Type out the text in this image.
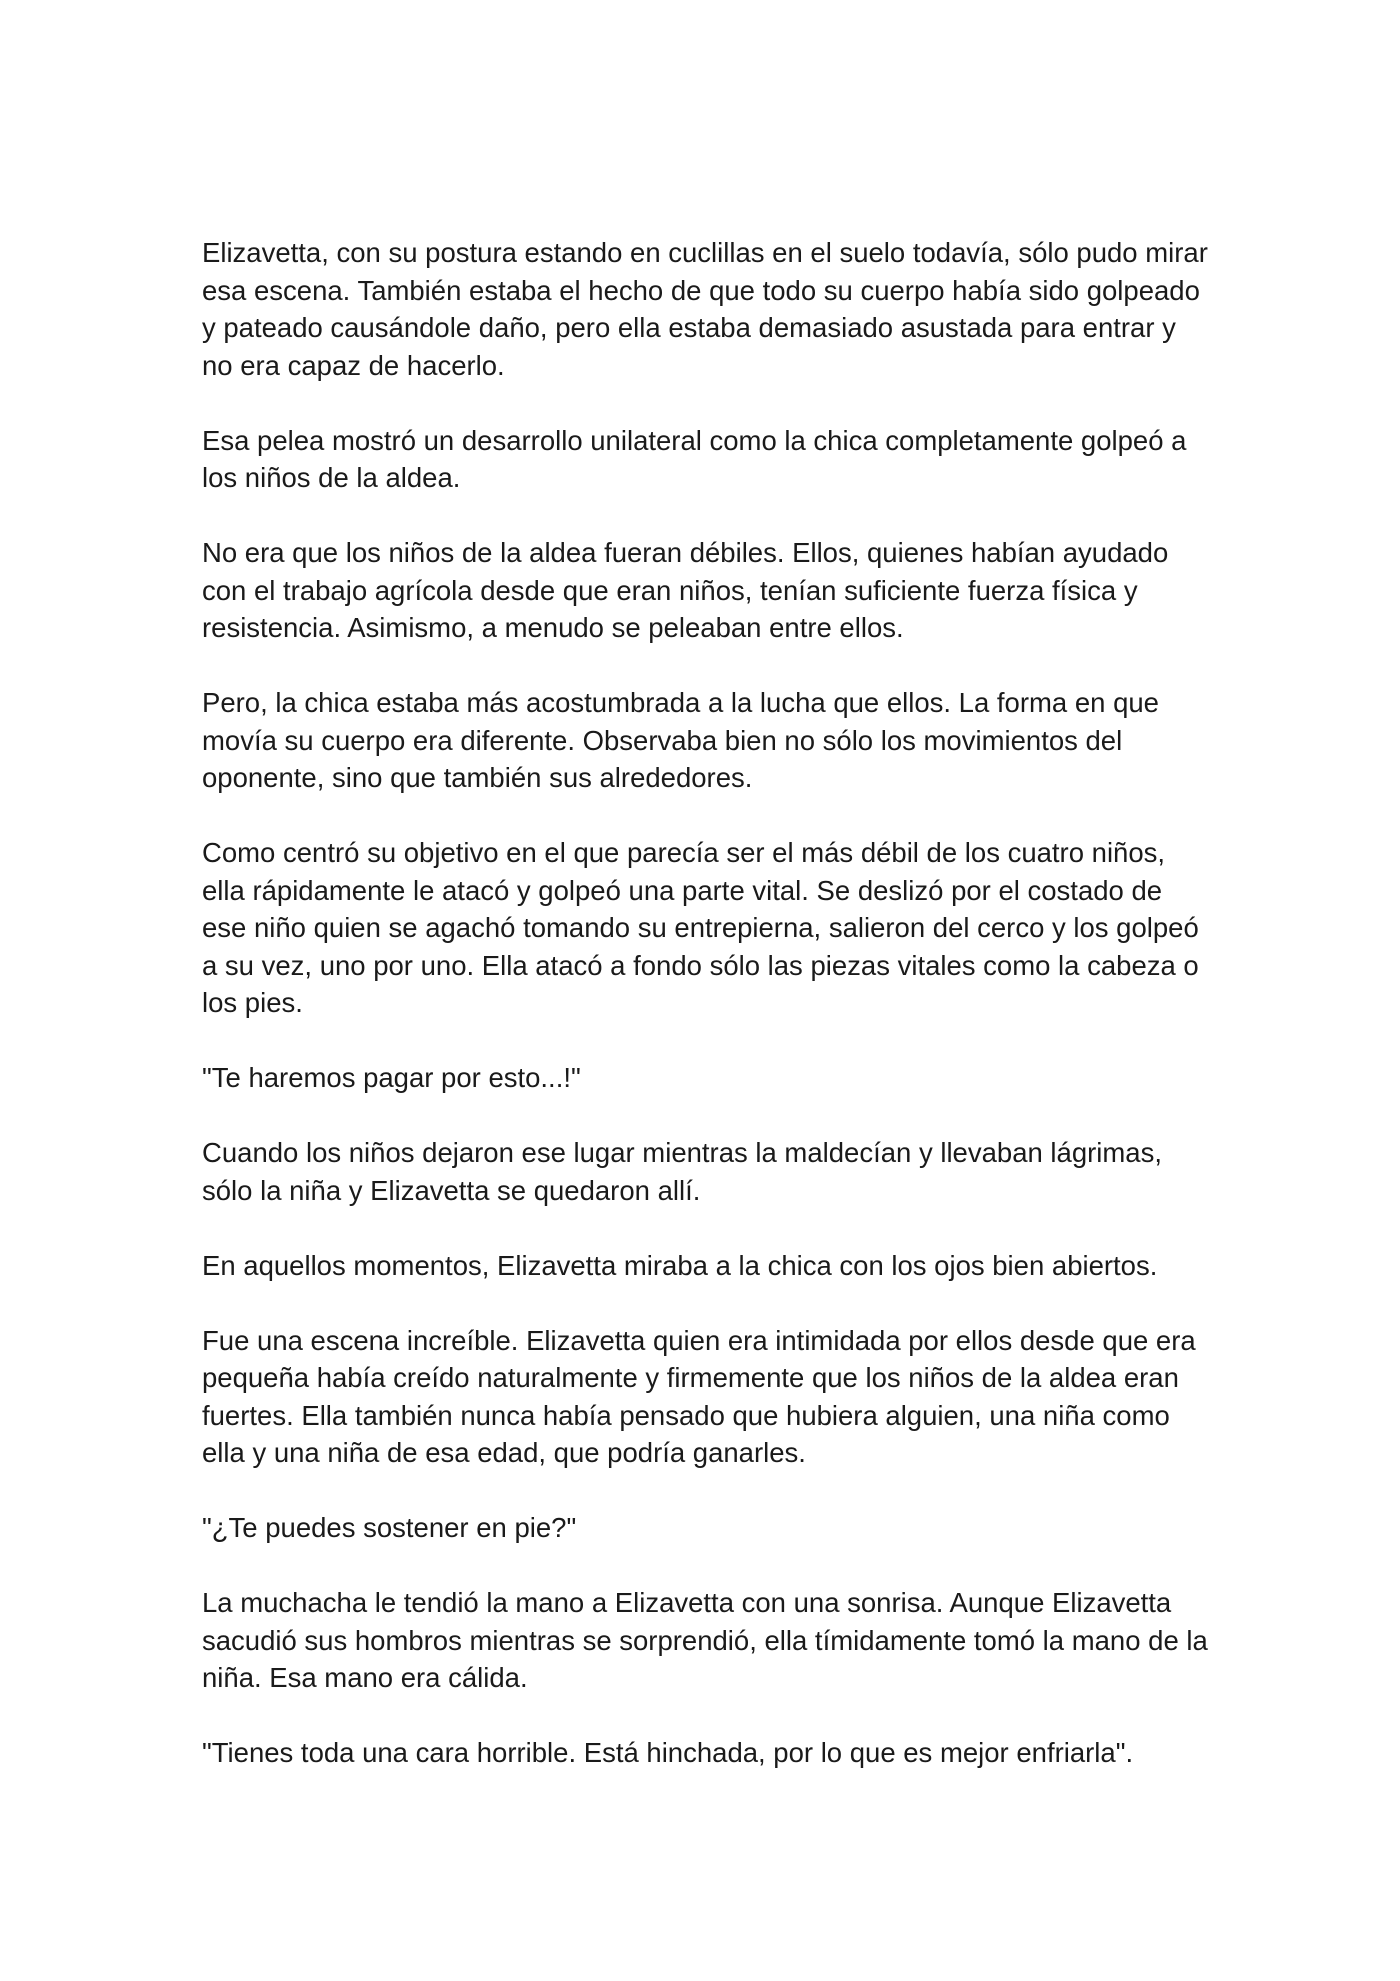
Elizavetta, con su postura estando en cuclillas en el suelo todavía, sólo pudo mirar esa escena. También estaba el hecho de que todo su cuerpo había sido golpeado y pateado causándole daño, pero ella estaba demasiado asustada para entrar y no era capaz de hacerlo.

Esa pelea mostró un desarrollo unilateral como la chica completamente golpeó a los niños de la aldea.

No era que los niños de la aldea fueran débiles. Ellos, quienes habían ayudado con el trabajo agrícola desde que eran niños, tenían suficiente fuerza física y resistencia. Asimismo, a menudo se peleaban entre ellos.

Pero, la chica estaba más acostumbrada a la lucha que ellos. La forma en que movía su cuerpo era diferente. Observaba bien no sólo los movimientos del oponente, sino que también sus alrededores.

Como centró su objetivo en el que parecía ser el más débil de los cuatro niños, ella rápidamente le atacó y golpeó una parte vital. Se deslizó por el costado de ese niño quien se agachó tomando su entrepierna, salieron del cerco y los golpeó a su vez, uno por uno. Ella atacó a fondo sólo las piezas vitales como la cabeza o los pies.

"Te haremos pagar por esto...!"

Cuando los niños dejaron ese lugar mientras la maldecían y llevaban lágrimas, sólo la niña y Elizavetta se quedaron allí.

En aquellos momentos, Elizavetta miraba a la chica con los ojos bien abiertos.

Fue una escena increíble. Elizavetta quien era intimidada por ellos desde que era pequeña había creído naturalmente y firmemente que los niños de la aldea eran fuertes. Ella también nunca había pensado que hubiera alguien, una niña como ella y una niña de esa edad, que podría ganarles.

"¿Te puedes sostener en pie?"

La muchacha le tendió la mano a Elizavetta con una sonrisa. Aunque Elizavetta sacudió sus hombros mientras se sorprendió, ella tímidamente tomó la mano de la niña. Esa mano era cálida.

"Tienes toda una cara horrible. Está hinchada, por lo que es mejor enfriarla".
